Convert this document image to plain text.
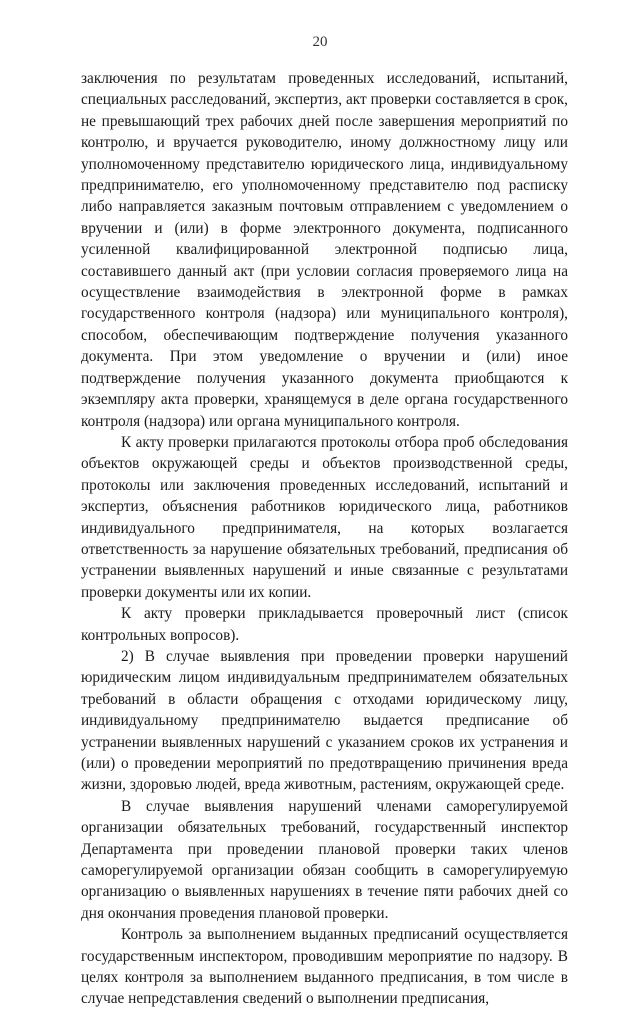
20

заключения по результатам проведенных исследований, испытаний, специальных расследований, экспертиз, акт проверки составляется в срок, не превышающий трех рабочих дней после завершения мероприятий по контролю, и вручается руководителю, иному должностному лицу или уполномоченному представителю юридического лица, индивидуальному предпринимателю, его уполномоченному представителю под расписку либо направляется заказным почтовым отправлением с уведомлением о вручении и (или) в форме электронного документа, подписанного усиленной квалифицированной электронной подписью лица, составившего данный акт (при условии согласия проверяемого лица на осуществление взаимодействия в электронной форме в рамках государственного контроля (надзора) или муниципального контроля), способом, обеспечивающим подтверждение получения указанного документа. При этом уведомление о вручении и (или) иное подтверждение получения указанного документа приобщаются к экземпляру акта проверки, хранящемуся в деле органа государственного контроля (надзора) или органа муниципального контроля.

К акту проверки прилагаются протоколы отбора проб обследования объектов окружающей среды и объектов производственной среды, протоколы или заключения проведенных исследований, испытаний и экспертиз, объяснения работников юридического лица, работников индивидуального предпринимателя, на которых возлагается ответственность за нарушение обязательных требований, предписания об устранении выявленных нарушений и иные связанные с результатами проверки документы или их копии.

К акту проверки прикладывается проверочный лист (список контрольных вопросов).

2) В случае выявления при проведении проверки нарушений юридическим лицом индивидуальным предпринимателем обязательных требований в области обращения с отходами юридическому лицу, индивидуальному предпринимателю выдается предписание об устранении выявленных нарушений с указанием сроков их устранения и (или) о проведении мероприятий по предотвращению причинения вреда жизни, здоровью людей, вреда животным, растениям, окружающей среде.

В случае выявления нарушений членами саморегулируемой организации обязательных требований, государственный инспектор Департамента при проведении плановой проверки таких членов саморегулируемой организации обязан сообщить в саморегулируемую организацию о выявленных нарушениях в течение пяти рабочих дней со дня окончания проведения плановой проверки.

Контроль за выполнением выданных предписаний осуществляется государственным инспектором, проводившим мероприятие по надзору. В целях контроля за выполнением выданного предписания, в том числе в случае непредставления сведений о выполнении предписания,
